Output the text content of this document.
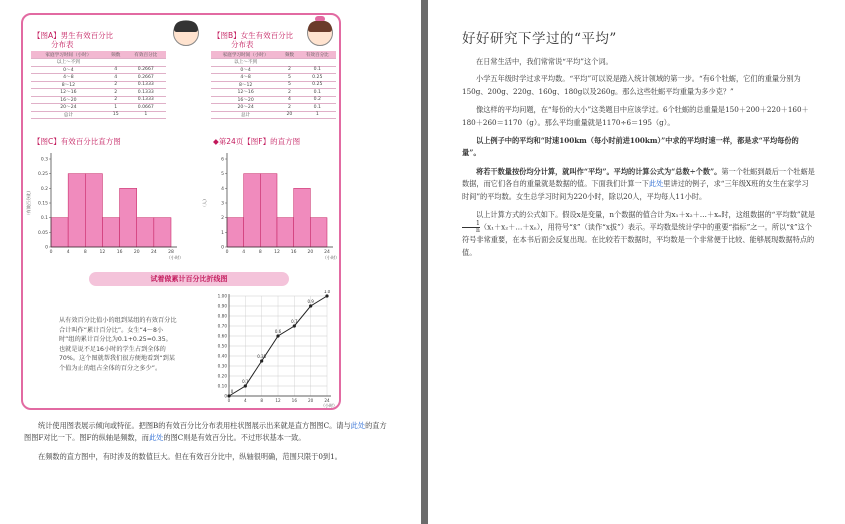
【图A】男生有效百分比
分布表
家庭学习时间（小时）	频数	有效百分比
以上～不到		
0～4	4	0.2667
4～8	4	0.2667
8～12	2	0.1333
12～16	2	0.1333
16～20	2	0.1333
20～24	1	0.0667
总计	15	1
【图B】女生有效百分比
分布表
家庭学习时间（小时）	频数	有效百分比
以上～不到		
0～4	2	0.1
4～8	5	0.25
8～12	5	0.25
12～16	2	0.1
16～20	4	0.2
20～24	2	0.1
总计	20	1
【图C】有效百分比直方图
0
0.05
0.1
0.15
0.2
0.25
0.3
0	4	8	12	16	20	24	28
（小时）
（有效百分比）
◆第24页【图F】的直方图
0
1
2
3
4
5
6
0	4	8	12 16 20 24
（小时）
（人）
试着做累计百分比折线图
从有效百分比值小的组到某组的有效百分比合计叫作“累计百分比”。女生“4～8小时”组的累计百分比为0.1+0.25=0.35。也就是说不足16小时的学生占到全体的70%。这个图就帮我们很方便地看到“到某个值为止的组占全体的百分之多少”。
0
0.10
0.20
0.30
0.40
0.50
0.60
0.70
0.80
0.90
1.00
0	4	8	12	16	20	24
0
0.1
0.35
0.6
0.7
0.9
1.0
（小时）

统计使用图表展示倾向或特征。把图B的有效百分比分布表用柱状图展示出来就是直方图图C。请与此处的直方图图F对比一下。图F的纵轴是频数，而此处的图C则是有效百分比。不过形状基本一致。

在频数的直方图中，有时涉及的数值巨大。但在有效百分比中，纵轴很明确，范围只限于0到1。

好好研究下学过的“平均”

在日常生活中，我们常常说“平均”这个词。

小学五年级时学过求平均数。“平均”可以说是踏入统计领域的第一步。“有6个牡蛎，它们的重量分别为150g、200g、220g、160g、180g以及260g。那么这些牡蛎平均重量为多少克？”

像这样的平均问题，在“每份的大小”这类题目中应该学过。6个牡蛎的总重量是150＋200＋220＋160＋180＋260＝1170（g）。那么平均重量就是1170÷6＝195（g）。

以上例子中的平均和“时速100km（每小时前进100km）”中求的平均时速一样，都是求“平均每份的量”。

将若干数量按份均分计算，就叫作“平均”。平均的计算公式为“总数÷个数”。第一个牡蛎到最后一个牡蛎是数据，而它们各自的重量就是数据的值。下面我们计算一下此处里讲过的例子，求“三年级X班的女生在家学习时间”的平均数。女生总学习时间为220小时，除以20人，平均每人11小时。

以上计算方式的公式如下。假设x是变量，n个数据的值合计为x₁＋x₂＋…＋xₙ时，这组数据的“平均数”就是
$\frac{1}{n}$ （x₁＋x₂＋…＋xₙ），用符号“x̄”（读作“x拔”）表示。平均数是统计学中的重要“指标”之一。所以“x̄”这个符号非常重要，在本书后面会反复出现。在比较若干数据时，平均数是一个非常便于比较、能够展现数据特点的值。
